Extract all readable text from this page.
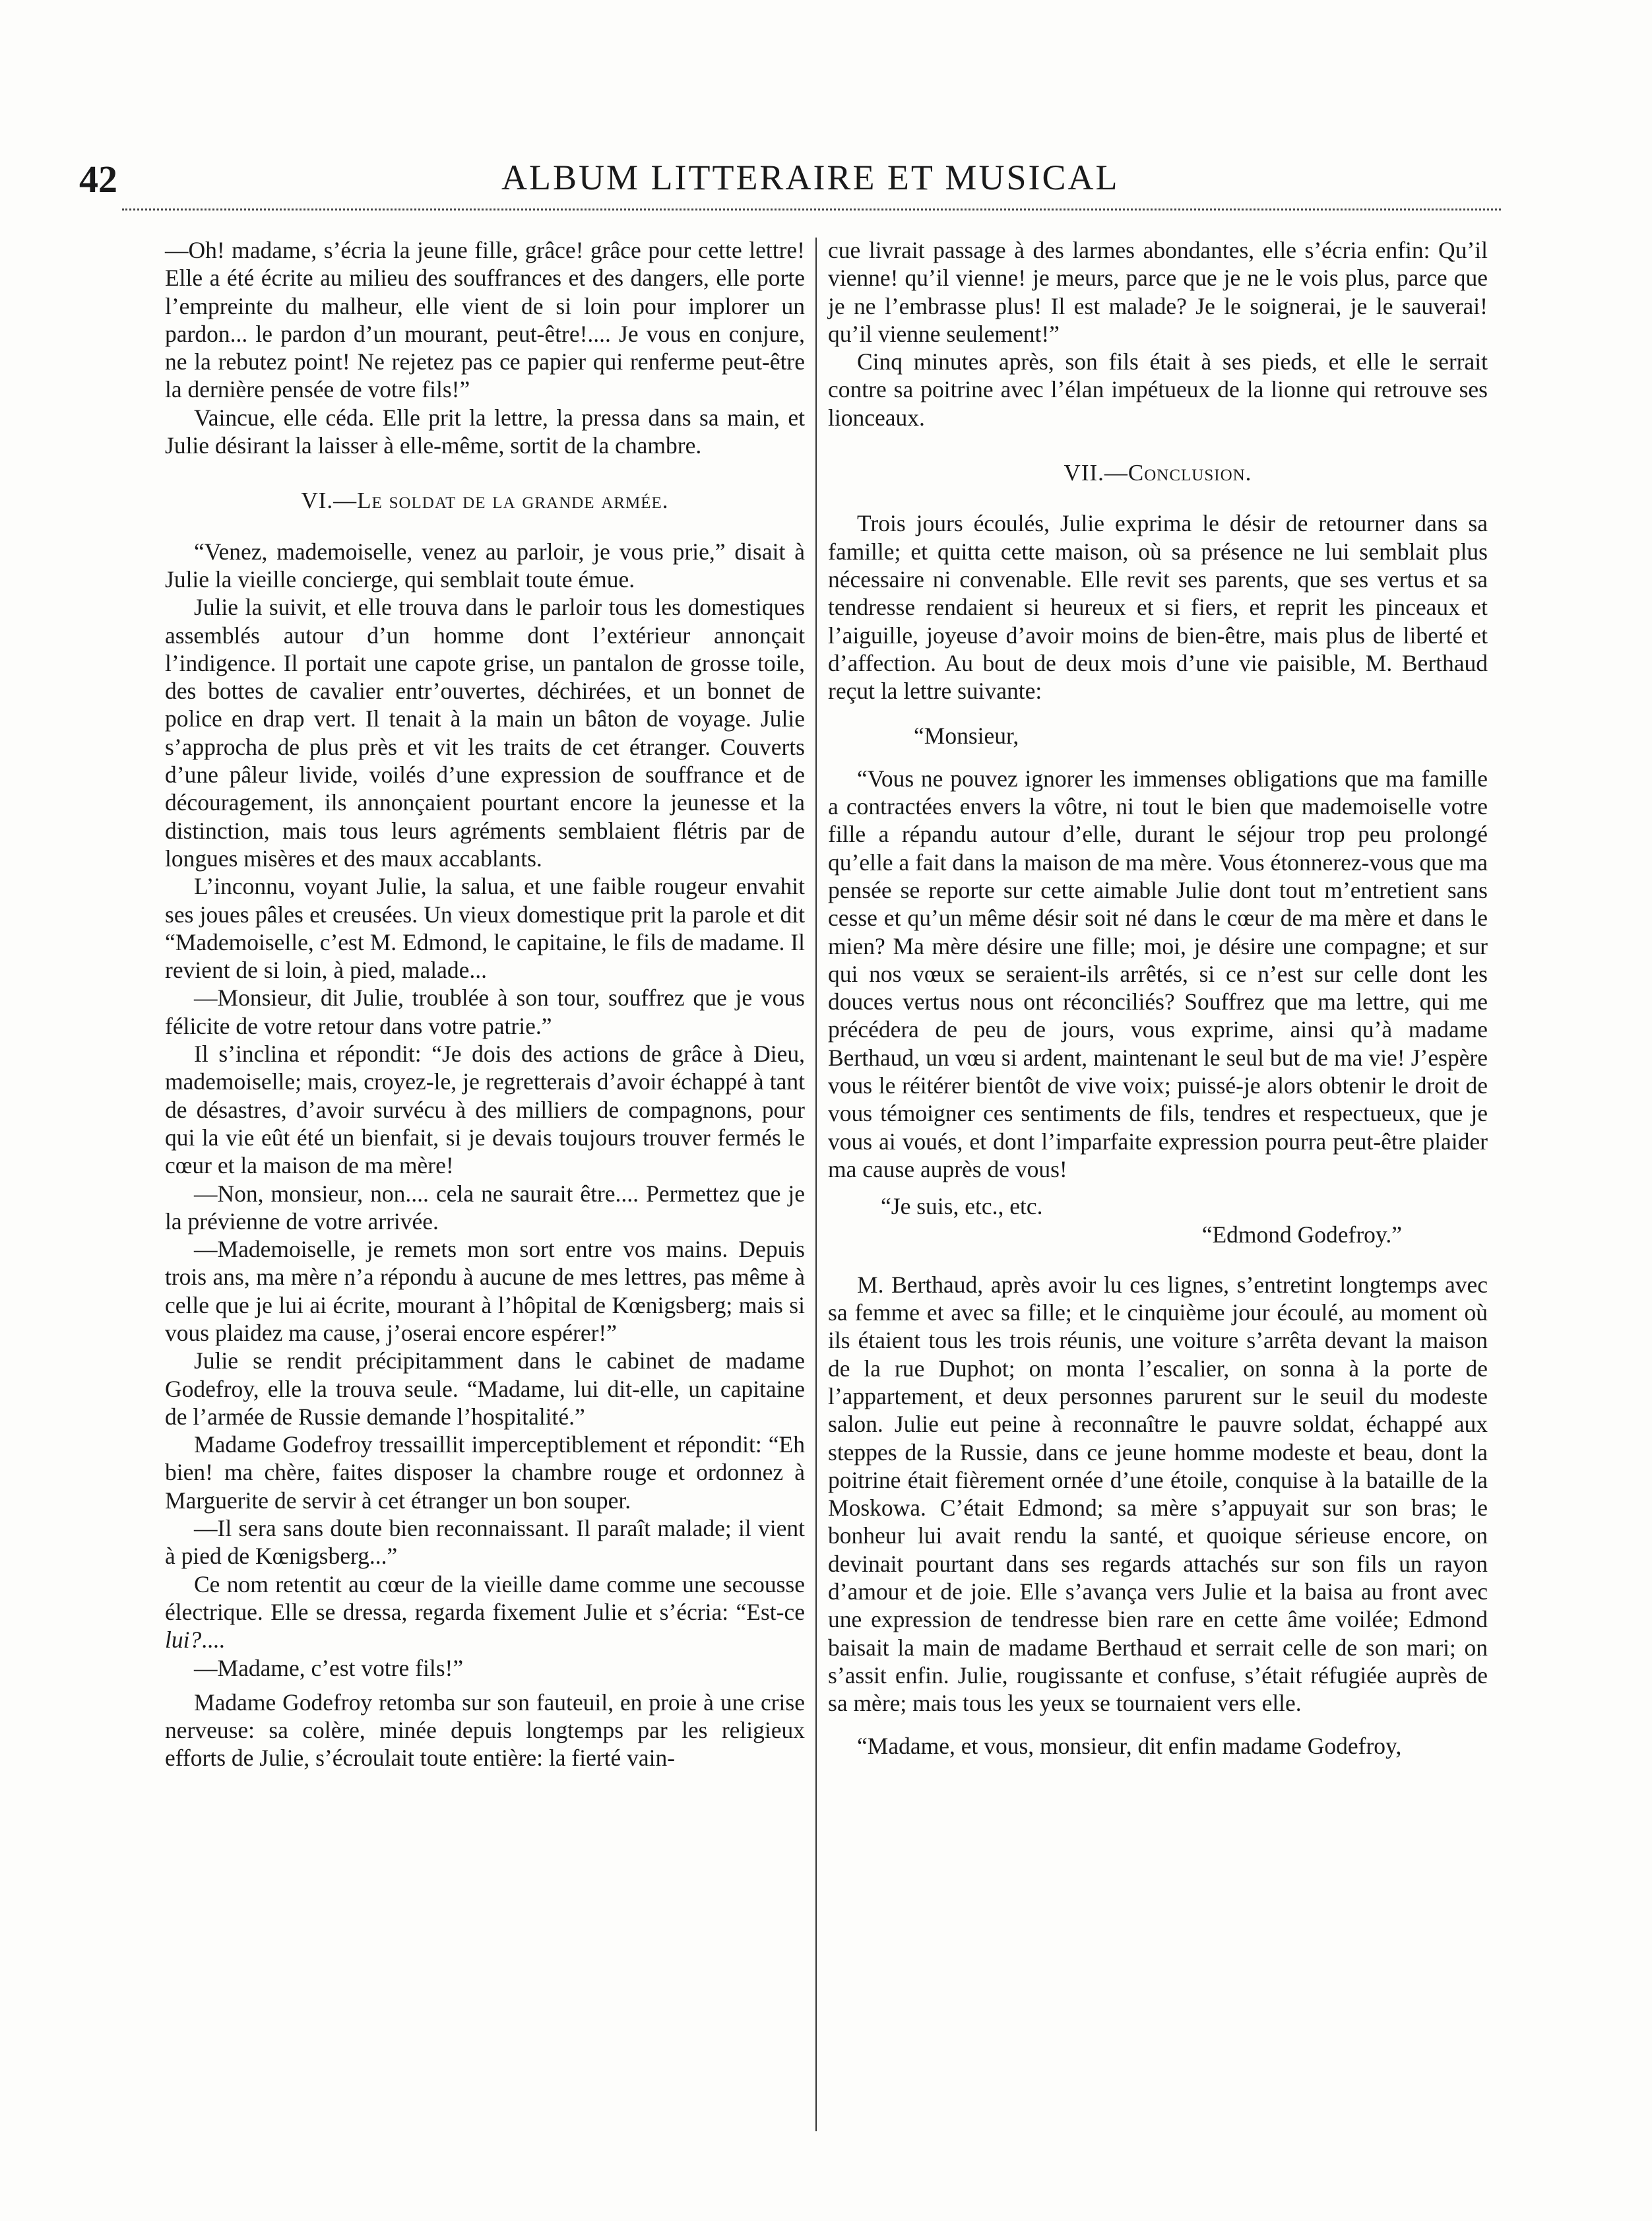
42	ALBUM LITTERAIRE ET MUSICAL

—Oh! madame, s’écria la jeune fille, grâce! grâce pour cette lettre! Elle a été écrite au milieu des souffrances et des dangers, elle porte l’empreinte du malheur, elle vient de si loin pour implorer un pardon... le pardon d’un mourant, peut-être!.... Je vous en conjure, ne la rebutez point! Ne rejetez pas ce papier qui renferme peut-être la dernière pensée de votre fils!”

Vaincue, elle céda. Elle prit la lettre, la pressa dans sa main, et Julie désirant la laisser à elle-même, sortit de la chambre.

VI.—Le soldat de la grande armée.

“Venez, mademoiselle, venez au parloir, je vous prie,” disait à Julie la vieille concierge, qui semblait toute émue.

Julie la suivit, et elle trouva dans le parloir tous les domestiques assemblés autour d’un homme dont l’extérieur annonçait l’indigence. Il portait une capote grise, un pantalon de grosse toile, des bottes de cavalier entr’ouvertes, déchirées, et un bonnet de police en drap vert. Il tenait à la main un bâton de voyage. Julie s’approcha de plus près et vit les traits de cet étranger. Couverts d’une pâleur livide, voilés d’une expression de souffrance et de découragement, ils annonçaient pourtant encore la jeunesse et la distinction, mais tous leurs agréments semblaient flétris par de longues misères et des maux accablants.

L’inconnu, voyant Julie, la salua, et une faible rougeur envahit ses joues pâles et creusées. Un vieux domestique prit la parole et dit “Mademoiselle, c’est M. Edmond, le capitaine, le fils de madame. Il revient de si loin, à pied, malade...

—Monsieur, dit Julie, troublée à son tour, souffrez que je vous félicite de votre retour dans votre patrie.”

Il s’inclina et répondit: “Je dois des actions de grâce à Dieu, mademoiselle; mais, croyez-le, je regretterais d’avoir échappé à tant de désastres, d’avoir survécu à des milliers de compagnons, pour qui la vie eût été un bienfait, si je devais toujours trouver fermés le cœur et la maison de ma mère!

—Non, monsieur, non.... cela ne saurait être.... Permettez que je la prévienne de votre arrivée.

—Mademoiselle, je remets mon sort entre vos mains. Depuis trois ans, ma mère n’a répondu à aucune de mes lettres, pas même à celle que je lui ai écrite, mourant à l’hôpital de Kœnigsberg; mais si vous plaidez ma cause, j’oserai encore espérer!”

Julie se rendit précipitamment dans le cabinet de madame Godefroy, elle la trouva seule. “Madame, lui dit-elle, un capitaine de l’armée de Russie demande l’hospitalité.”

Madame Godefroy tressaillit imperceptiblement et répondit: “Eh bien! ma chère, faites disposer la chambre rouge et ordonnez à Marguerite de servir à cet étranger un bon souper.

—Il sera sans doute bien reconnaissant. Il paraît malade; il vient à pied de Kœnigsberg...”

Ce nom retentit au cœur de la vieille dame comme une secousse électrique. Elle se dressa, regarda fixement Julie et s’écria: “Est-ce lui?....

—Madame, c’est votre fils!”

Madame Godefroy retomba sur son fauteuil, en proie à une crise nerveuse: sa colère, minée depuis longtemps par les religieux efforts de Julie, s’écroulait toute entière: la fierté vain-

cue livrait passage à des larmes abondantes, elle s’écria enfin: Qu’il vienne! qu’il vienne! je meurs, parce que je ne le vois plus, parce que je ne l’embrasse plus! Il est malade? Je le soignerai, je le sauverai! qu’il vienne seulement!”

Cinq minutes après, son fils était à ses pieds, et elle le serrait contre sa poitrine avec l’élan impétueux de la lionne qui retrouve ses lionceaux.

VII.—Conclusion.

Trois jours écoulés, Julie exprima le désir de retourner dans sa famille; et quitta cette maison, où sa présence ne lui semblait plus nécessaire ni convenable. Elle revit ses parents, que ses vertus et sa tendresse rendaient si heureux et si fiers, et reprit les pinceaux et l’aiguille, joyeuse d’avoir moins de bien-être, mais plus de liberté et d’affection. Au bout de deux mois d’une vie paisible, M. Berthaud reçut la lettre suivante:

“Monsieur,

“Vous ne pouvez ignorer les immenses obligations que ma famille a contractées envers la vôtre, ni tout le bien que mademoiselle votre fille a répandu autour d’elle, durant le séjour trop peu prolongé qu’elle a fait dans la maison de ma mère. Vous étonnerez-vous que ma pensée se reporte sur cette aimable Julie dont tout m’entretient sans cesse et qu’un même désir soit né dans le cœur de ma mère et dans le mien? Ma mère désire une fille; moi, je désire une compagne; et sur qui nos vœux se seraient-ils arrêtés, si ce n’est sur celle dont les douces vertus nous ont réconciliés? Souffrez que ma lettre, qui me précédera de peu de jours, vous exprime, ainsi qu’à madame Berthaud, un vœu si ardent, maintenant le seul but de ma vie! J’espère vous le réitérer bientôt de vive voix; puissé-je alors obtenir le droit de vous témoigner ces sentiments de fils, tendres et respectueux, que je vous ai voués, et dont l’imparfaite expression pourra peut-être plaider ma cause auprès de vous!

“Je suis, etc., etc.

“Edmond Godefroy.”

M. Berthaud, après avoir lu ces lignes, s’entretint longtemps avec sa femme et avec sa fille; et le cinquième jour écoulé, au moment où ils étaient tous les trois réunis, une voiture s’arrêta devant la maison de la rue Duphot; on monta l’escalier, on sonna à la porte de l’appartement, et deux personnes parurent sur le seuil du modeste salon. Julie eut peine à reconnaître le pauvre soldat, échappé aux steppes de la Russie, dans ce jeune homme modeste et beau, dont la poitrine était fièrement ornée d’une étoile, conquise à la bataille de la Moskowa. C’était Edmond; sa mère s’appuyait sur son bras; le bonheur lui avait rendu la santé, et quoique sérieuse encore, on devinait pourtant dans ses regards attachés sur son fils un rayon d’amour et de joie. Elle s’avança vers Julie et la baisa au front avec une expression de tendresse bien rare en cette âme voilée; Edmond baisait la main de madame Berthaud et serrait celle de son mari; on s’assit enfin. Julie, rougissante et confuse, s’était réfugiée auprès de sa mère; mais tous les yeux se tournaient vers elle.

“Madame, et vous, monsieur, dit enfin madame Godefroy,
